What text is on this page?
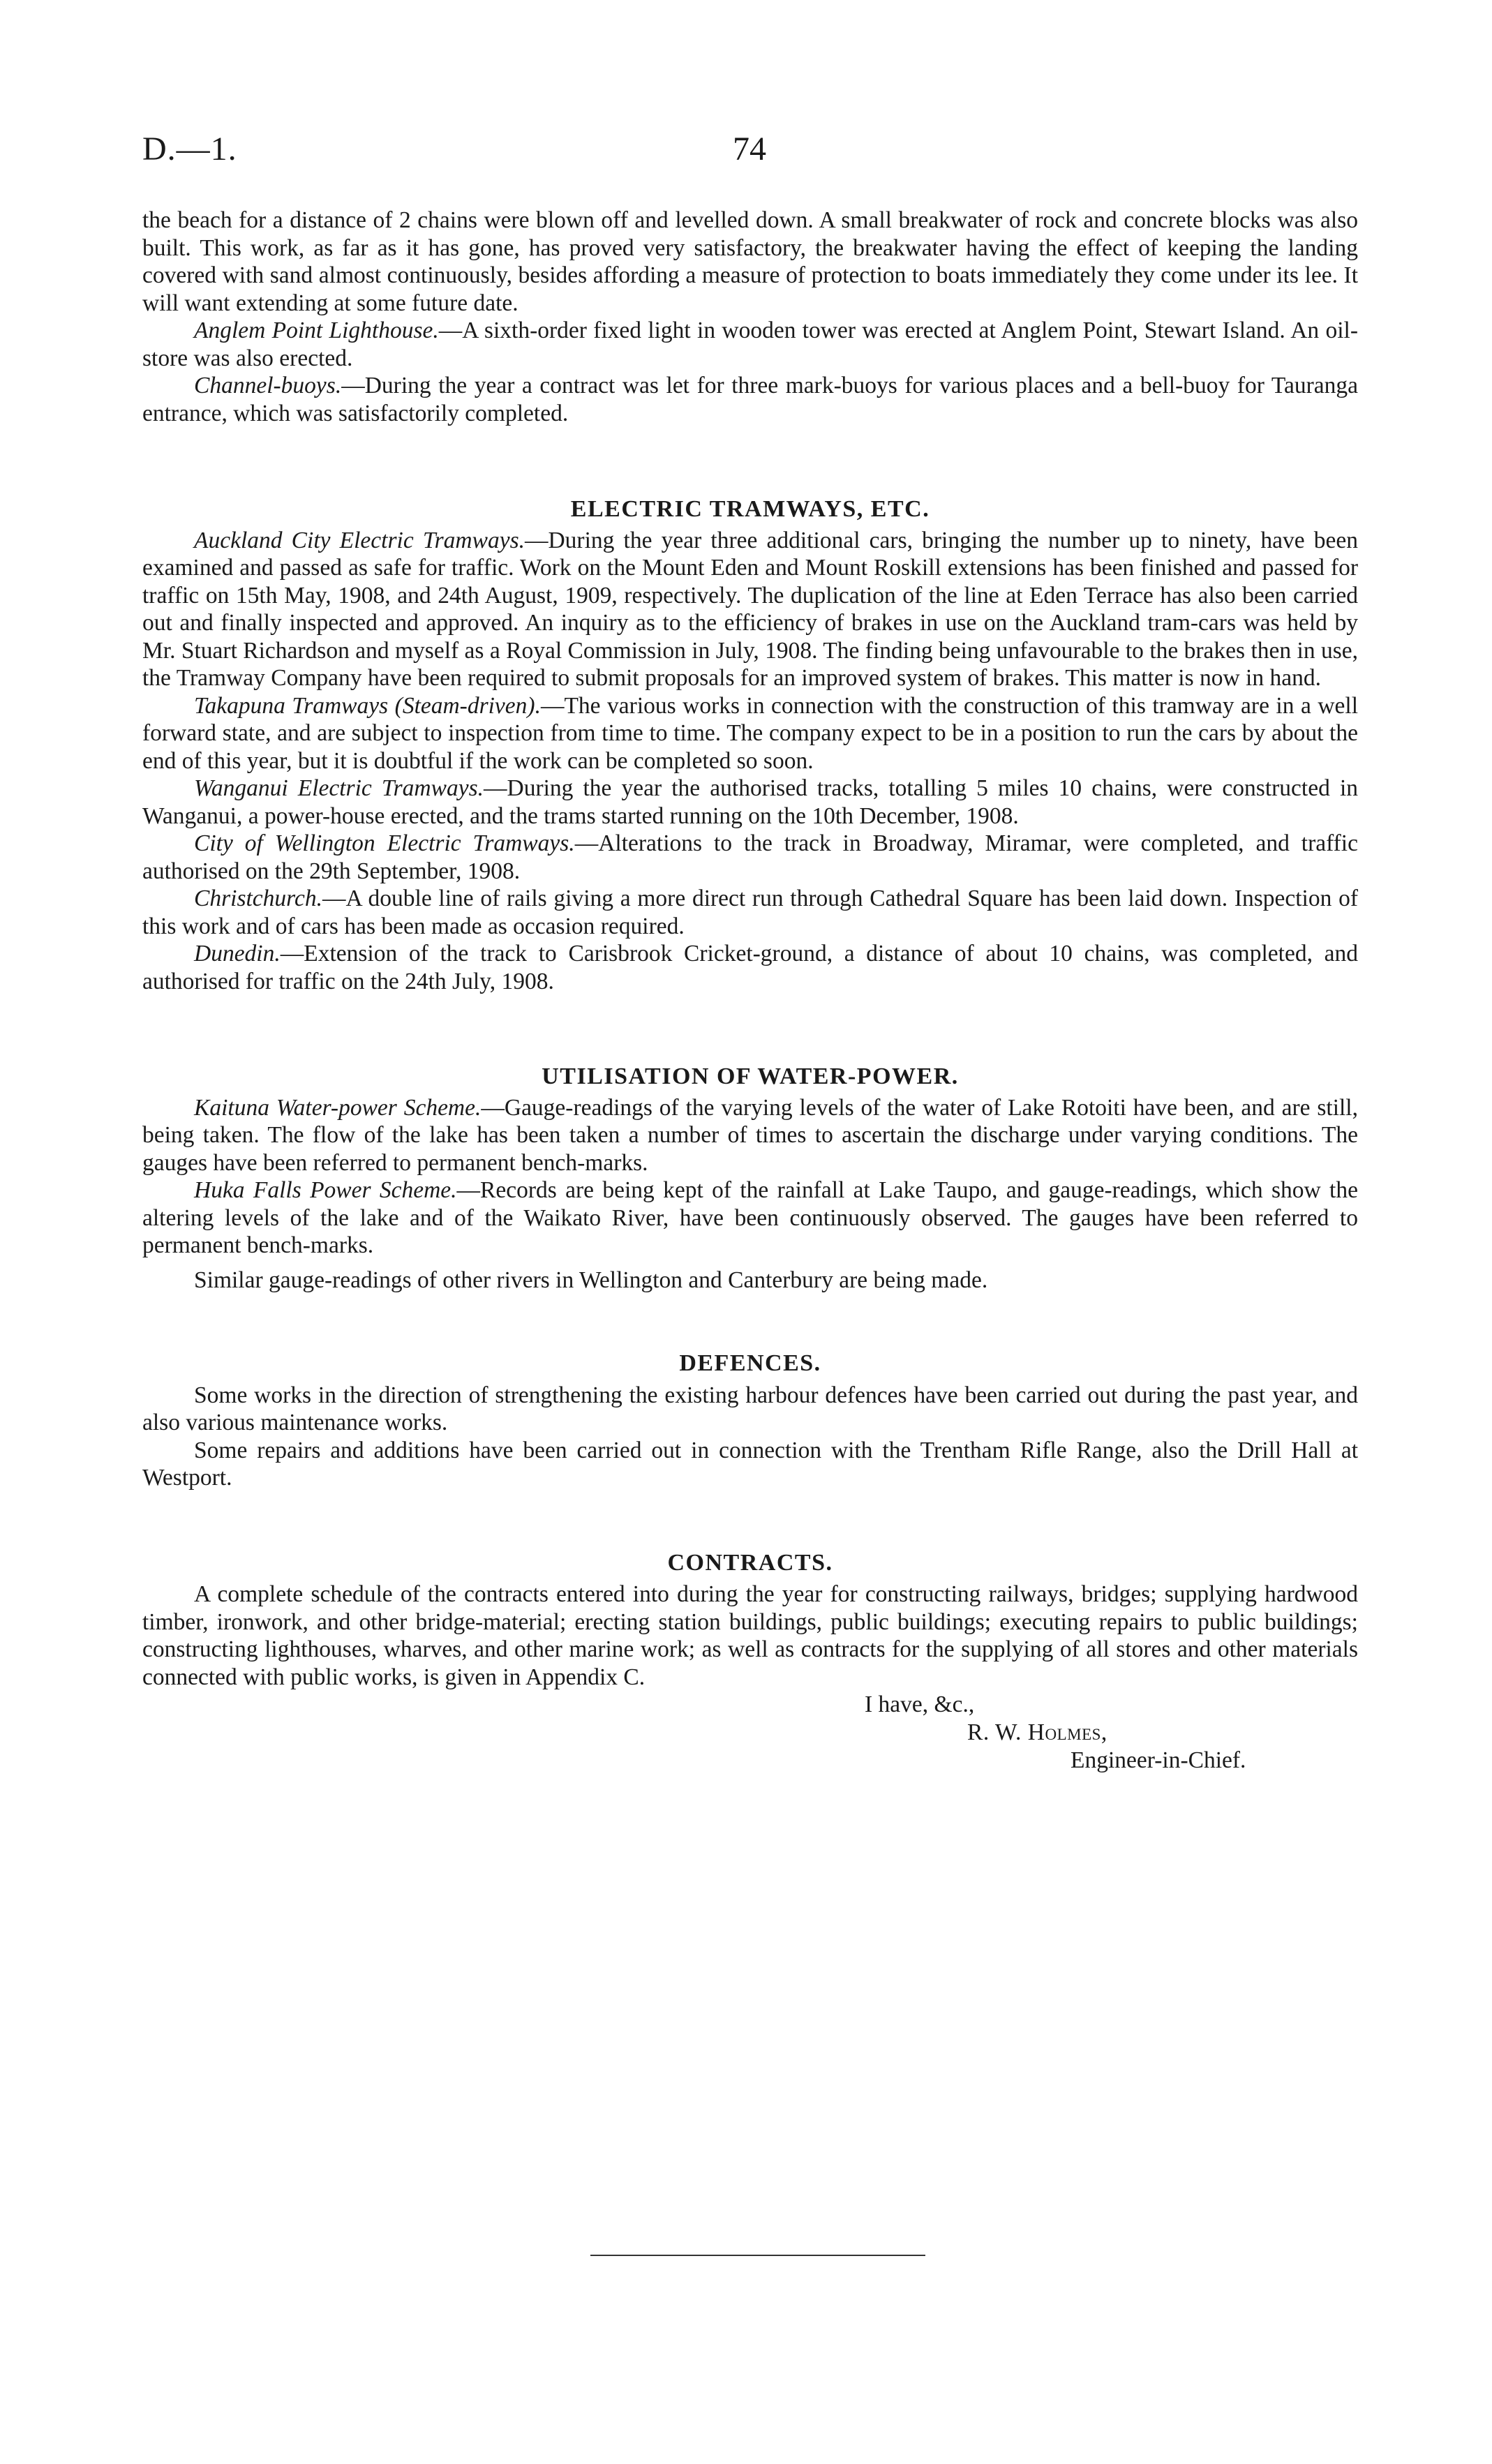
D.—1.	74

the beach for a distance of 2 chains were blown off and levelled down. A small breakwater of rock and concrete blocks was also built. This work, as far as it has gone, has proved very satisfactory, the breakwater having the effect of keeping the landing covered with sand almost continuously, besides affording a measure of protection to boats immediately they come under its lee. It will want extending at some future date.

Anglem Point Lighthouse.—A sixth-order fixed light in wooden tower was erected at Anglem Point, Stewart Island. An oil-store was also erected.

Channel-buoys.—During the year a contract was let for three mark-buoys for various places and a bell-buoy for Tauranga entrance, which was satisfactorily completed.

ELECTRIC TRAMWAYS, ETC.

Auckland City Electric Tramways.—During the year three additional cars, bringing the number up to ninety, have been examined and passed as safe for traffic. Work on the Mount Eden and Mount Roskill extensions has been finished and passed for traffic on 15th May, 1908, and 24th August, 1909, respectively. The duplication of the line at Eden Terrace has also been carried out and finally inspected and approved. An inquiry as to the efficiency of brakes in use on the Auckland tram-cars was held by Mr. Stuart Richardson and myself as a Royal Commission in July, 1908. The finding being unfavourable to the brakes then in use, the Tramway Company have been required to submit proposals for an improved system of brakes. This matter is now in hand.

Takapuna Tramways (Steam-driven).—The various works in connection with the construction of this tramway are in a well forward state, and are subject to inspection from time to time. The company expect to be in a position to run the cars by about the end of this year, but it is doubtful if the work can be completed so soon.

Wanganui Electric Tramways.—During the year the authorised tracks, totalling 5 miles 10 chains, were constructed in Wanganui, a power-house erected, and the trams started running on the 10th December, 1908.

City of Wellington Electric Tramways.—Alterations to the track in Broadway, Miramar, were completed, and traffic authorised on the 29th September, 1908.

Christchurch.—A double line of rails giving a more direct run through Cathedral Square has been laid down. Inspection of this work and of cars has been made as occasion required.

Dunedin.—Extension of the track to Carisbrook Cricket-ground, a distance of about 10 chains, was completed, and authorised for traffic on the 24th July, 1908.

UTILISATION OF WATER-POWER.

Kaituna Water-power Scheme.—Gauge-readings of the varying levels of the water of Lake Rotoiti have been, and are still, being taken. The flow of the lake has been taken a number of times to ascertain the discharge under varying conditions. The gauges have been referred to permanent bench-marks.

Huka Falls Power Scheme.—Records are being kept of the rainfall at Lake Taupo, and gauge-readings, which show the altering levels of the lake and of the Waikato River, have been continuously observed. The gauges have been referred to permanent bench-marks.

Similar gauge-readings of other rivers in Wellington and Canterbury are being made.

DEFENCES.

Some works in the direction of strengthening the existing harbour defences have been carried out during the past year, and also various maintenance works.

Some repairs and additions have been carried out in connection with the Trentham Rifle Range, also the Drill Hall at Westport.

CONTRACTS.

A complete schedule of the contracts entered into during the year for constructing railways, bridges; supplying hardwood timber, ironwork, and other bridge-material; erecting station buildings, public buildings; executing repairs to public buildings; constructing lighthouses, wharves, and other marine work; as well as contracts for the supplying of all stores and other materials connected with public works, is given in Appendix C.

I have, &c.,
R. W. Holmes,
Engineer-in-Chief.
